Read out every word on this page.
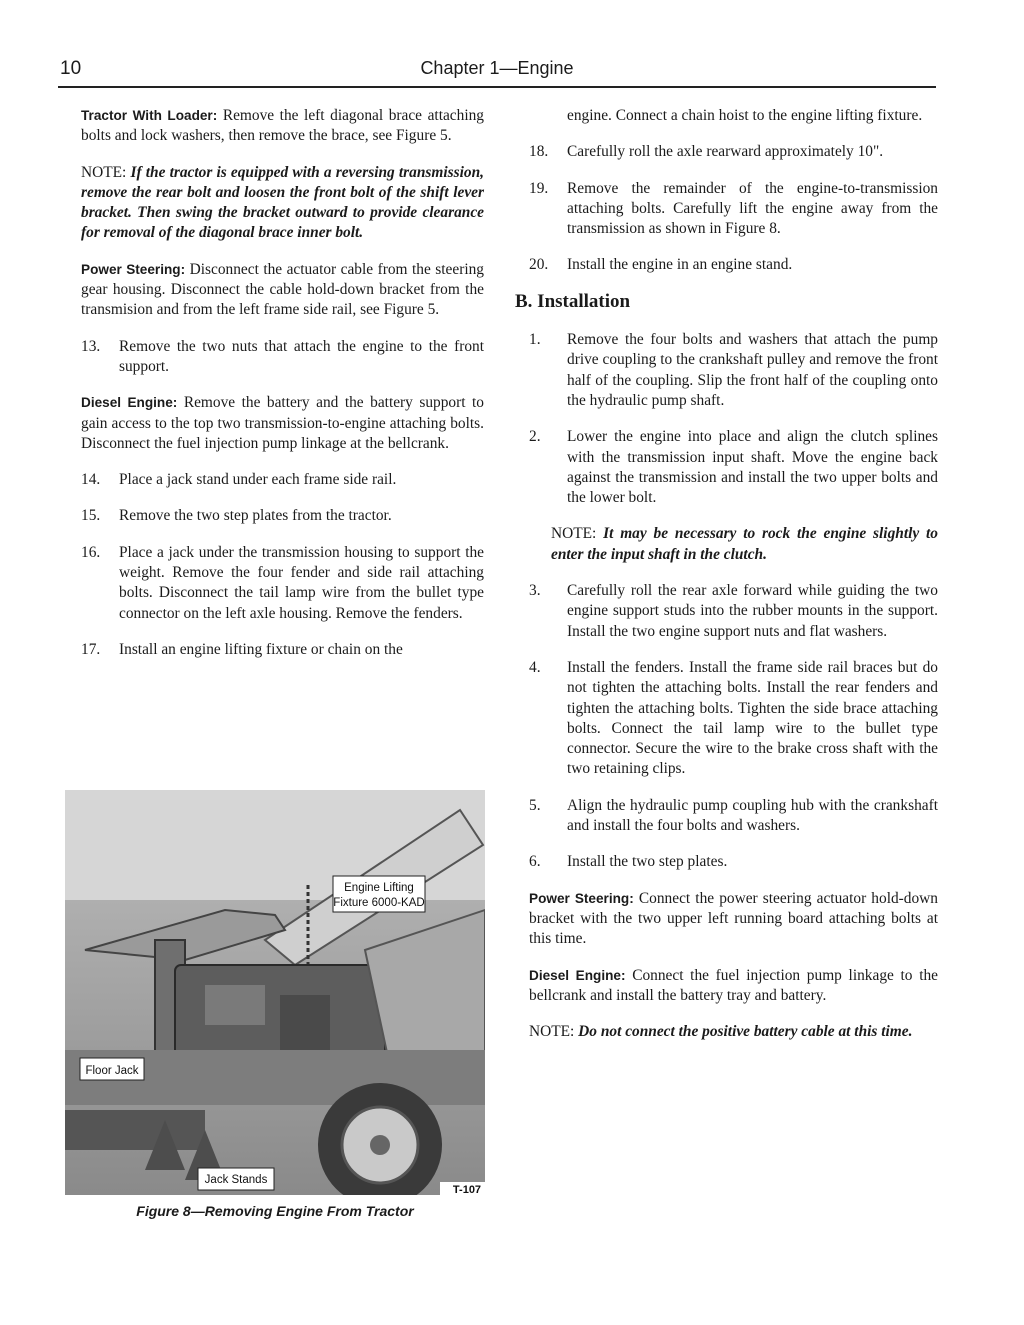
10	Chapter 1—Engine

Tractor With Loader: Remove the left diagonal brace attaching bolts and lock washers, then remove the brace, see Figure 5.

NOTE: If the tractor is equipped with a reversing transmission, remove the rear bolt and loosen the front bolt of the shift lever bracket. Then swing the bracket outward to provide clearance for removal of the diagonal brace inner bolt.

Power Steering: Disconnect the actuator cable from the steering gear housing. Disconnect the cable hold-down bracket from the transmision and from the left frame side rail, see Figure 5.

13.	Remove the two nuts that attach the engine to the front support.

Diesel Engine: Remove the battery and the battery support to gain access to the top two transmission-to-engine attaching bolts. Disconnect the fuel injection pump linkage at the bellcrank.

14.	Place a jack stand under each frame side rail.
15.	Remove the two step plates from the tractor.
16.	Place a jack under the transmission housing to support the weight. Remove the four fender and side rail attaching bolts. Disconnect the tail lamp wire from the bullet type connector on the left axle housing. Remove the fenders.
17.	Install an engine lifting fixture or chain on the
Engine Lifting
Fixture 6000-KAD
Floor Jack
Jack Stands
T-107
Figure 8—Removing Engine From Tractor
engine. Connect a chain hoist to the engine lifting fixture.
18.	Carefully roll the axle rearward approximately 10".
19.	Remove the remainder of the engine-to-transmission attaching bolts. Carefully lift the engine away from the transmission as shown in Figure 8.
20.	Install the engine in an engine stand.
B. Installation
1.	Remove the four bolts and washers that attach the pump drive coupling to the crankshaft pulley and remove the front half of the coupling. Slip the front half of the coupling onto the hydraulic pump shaft.
2.	Lower the engine into place and align the clutch splines with the transmission input shaft. Move the engine back against the transmission and install the two upper bolts and the lower bolt.

NOTE: It may be necessary to rock the engine slightly to enter the input shaft in the clutch.

3.	Carefully roll the rear axle forward while guiding the two engine support studs into the rubber mounts in the support. Install the two engine support nuts and flat washers.
4.	Install the fenders. Install the frame side rail braces but do not tighten the attaching bolts. Install the rear fenders and tighten the attaching bolts. Tighten the side brace attaching bolts. Connect the tail lamp wire to the bullet type connector. Secure the wire to the brake cross shaft with the two retaining clips.
5.	Align the hydraulic pump coupling hub with the crankshaft and install the four bolts and washers.
6.	Install the two step plates.

Power Steering: Connect the power steering actuator hold-down bracket with the two upper left running board attaching bolts at this time.

Diesel Engine: Connect the fuel injection pump linkage to the bellcrank and install the battery tray and battery.

NOTE: Do not connect the positive battery cable at this time.
